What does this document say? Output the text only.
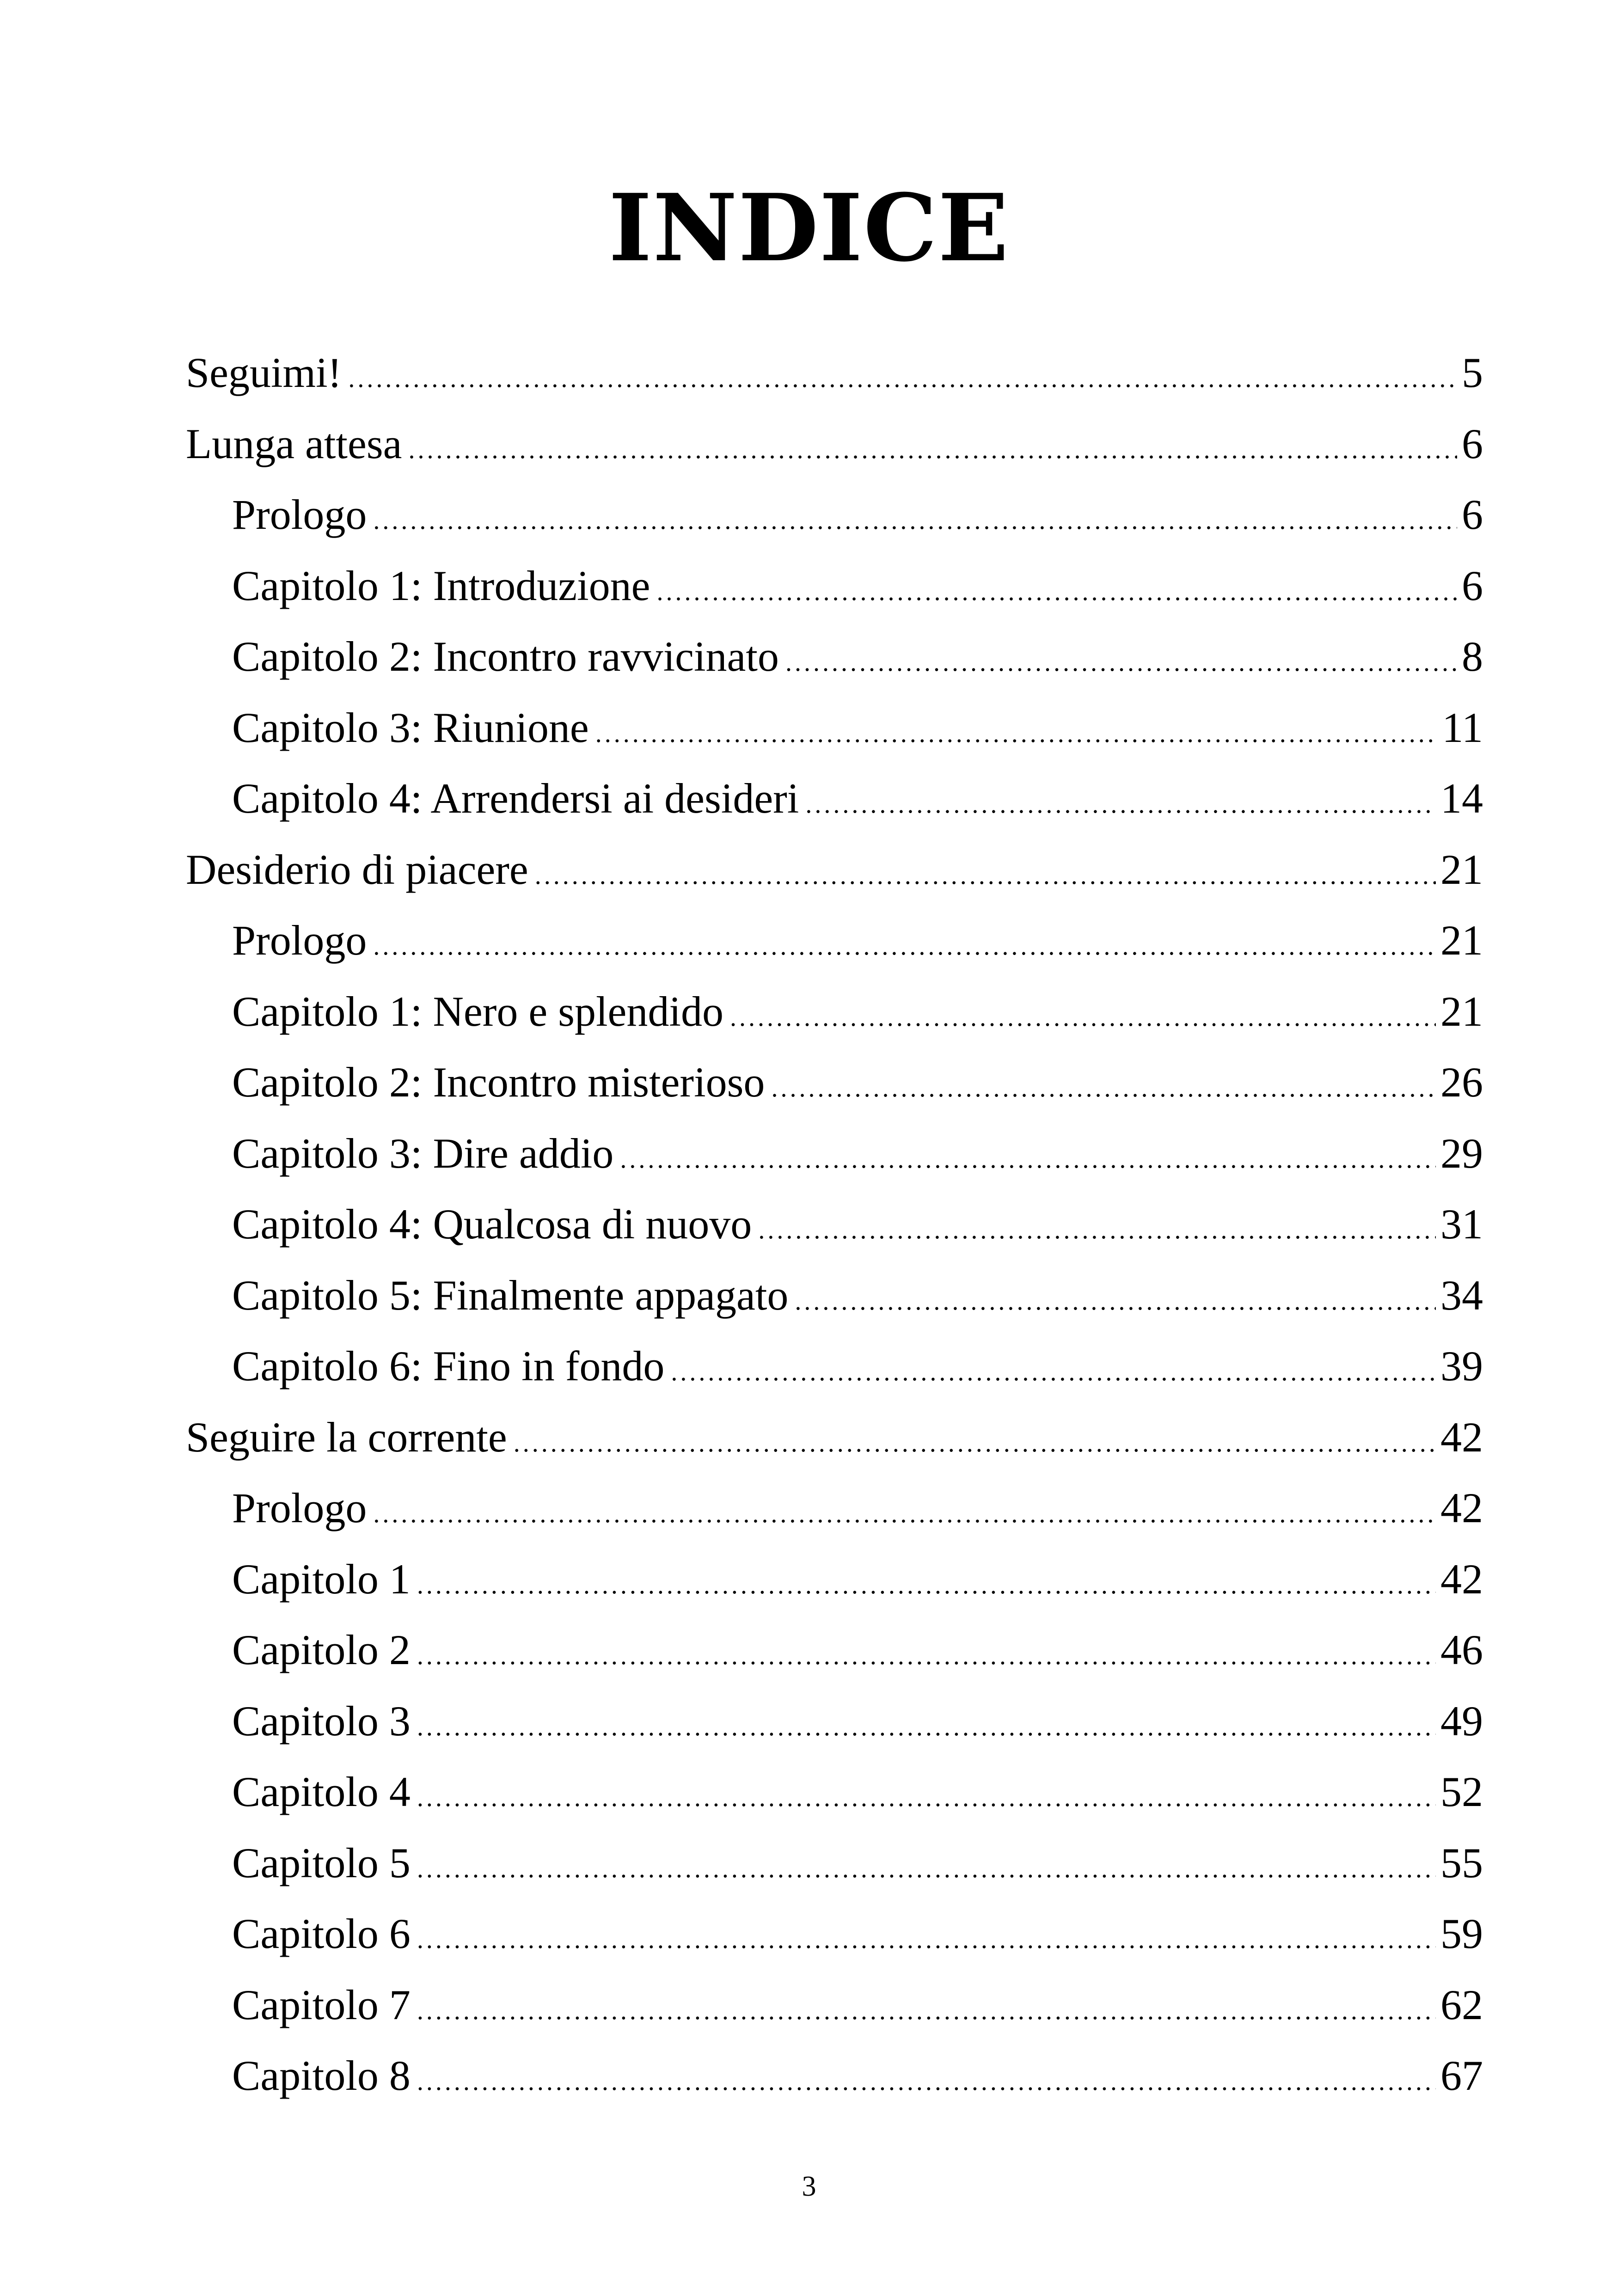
INDICE
Seguimi! .....	5
Lunga attesa .....	6
Prologo .....	6
Capitolo 1: Introduzione .....	6
Capitolo 2: Incontro ravvicinato .....	8
Capitolo 3: Riunione .....	11
Capitolo 4: Arrendersi ai desideri .....	14
Desiderio di piacere .....	21
Prologo .....	21
Capitolo 1: Nero e splendido .....	21
Capitolo 2: Incontro misterioso .....	26
Capitolo 3: Dire addio .....	29
Capitolo 4: Qualcosa di nuovo .....	31
Capitolo 5: Finalmente appagato .....	34
Capitolo 6: Fino in fondo .....	39
Seguire la corrente .....	42
Prologo .....	42
Capitolo 1 .....	42
Capitolo 2 .....	46
Capitolo 3 .....	49
Capitolo 4 .....	52
Capitolo 5 .....	55
Capitolo 6 .....	59
Capitolo 7 .....	62
Capitolo 8 .....	67
3
